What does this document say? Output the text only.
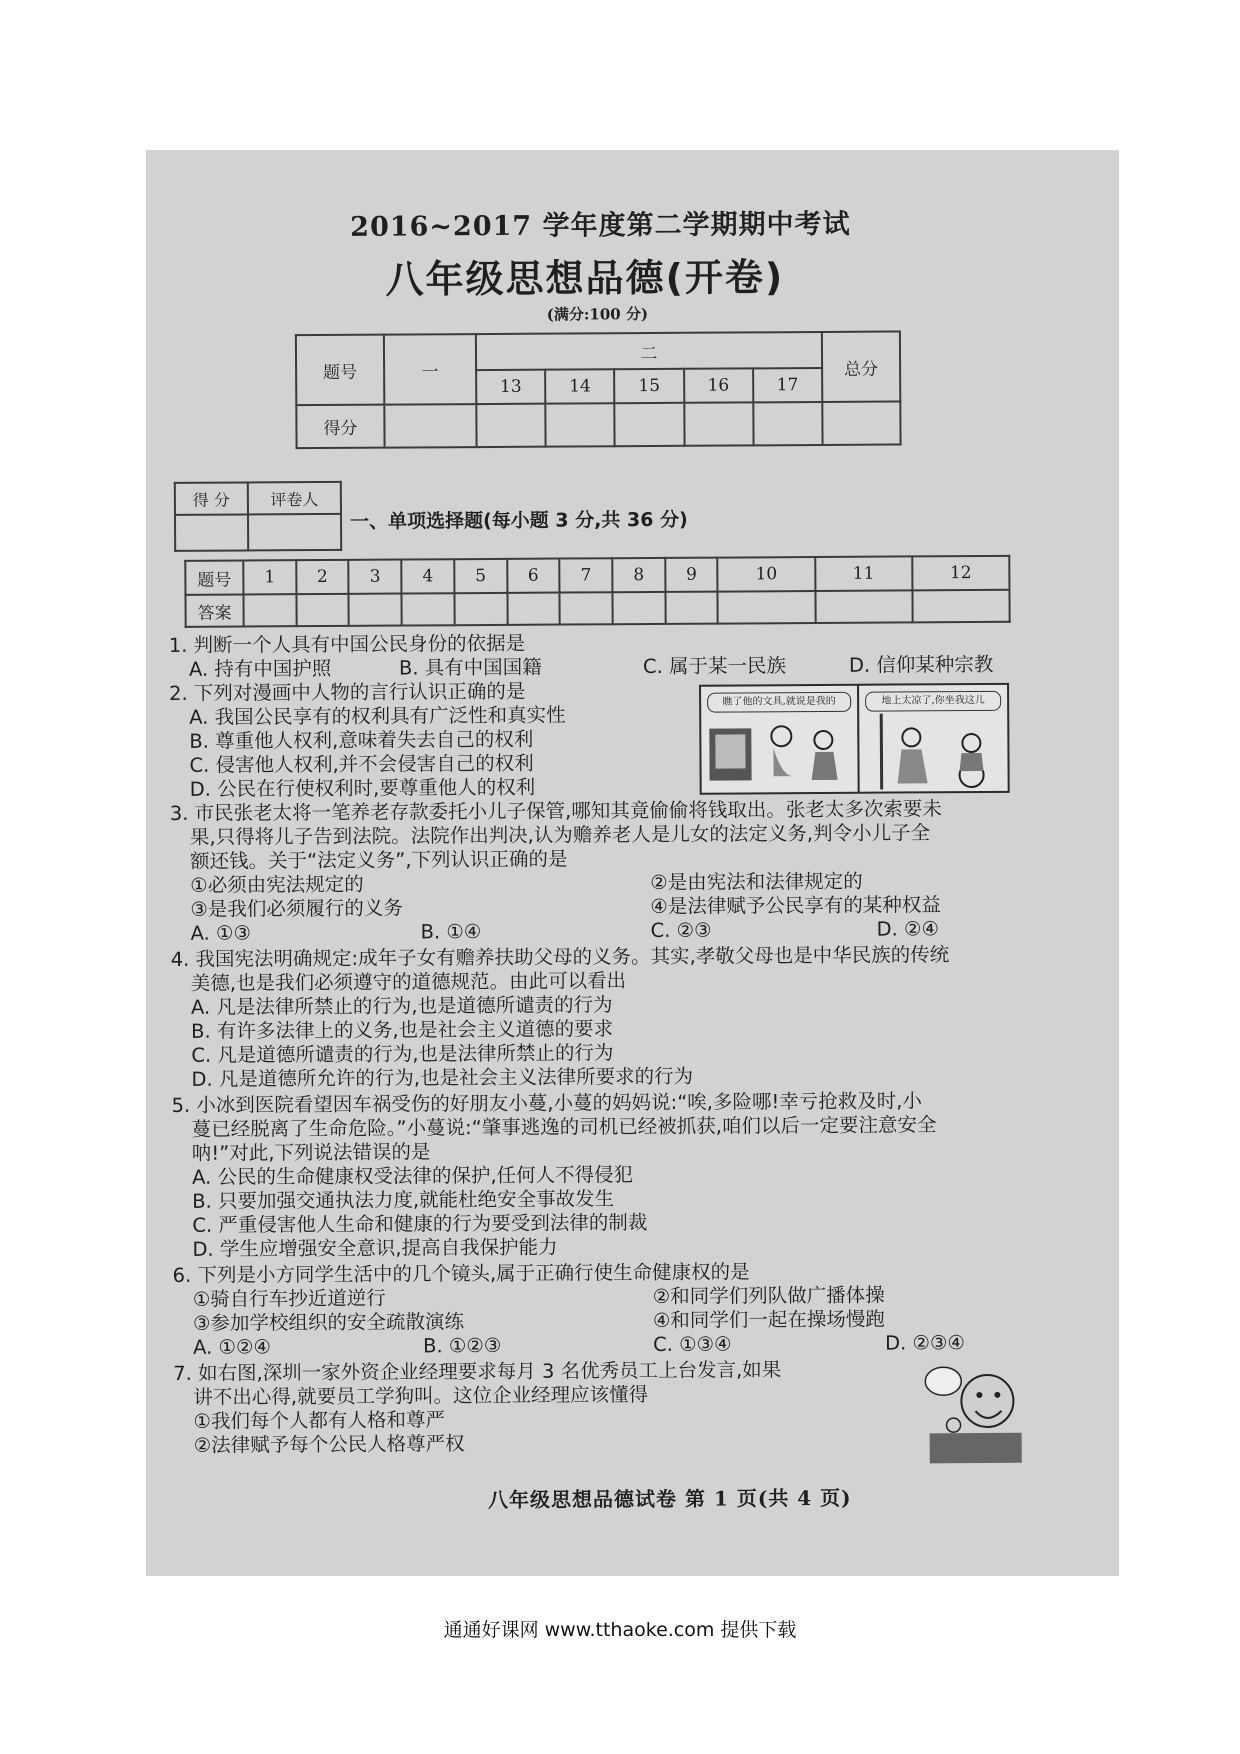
2016~2017 学年度第二学期期中考试
八年级思想品德(开卷)
(满分:100 分)
题号	一	二					总分
		13	14	15	16	17	
得分							
得 分	评卷人

一、单项选择题(每小题 3 分,共 36 分)
题号	1	2	3	4	5	6	7	8	9	10	11	12
答案												
1. 判断一个人具有中国公民身份的依据是
A. 持有中国护照	B. 具有中国国籍	C. 属于某一民族	D. 信仰某种宗教
2. 下列对漫画中人物的言行认识正确的是
A. 我国公民享有的权利具有广泛性和真实性
B. 尊重他人权利,意味着失去自己的权利
C. 侵害他人权利,并不会侵害自己的权利
D. 公民在行使权利时,要尊重他人的权利
瞧了他的文具,就说是我的	地上太凉了,你坐我这儿
3. 市民张老太将一笔养老存款委托小儿子保管,哪知其竟偷偷将钱取出。张老太多次索要未
果,只得将儿子告到法院。法院作出判决,认为赡养老人是儿女的法定义务,判令小儿子全
额还钱。关于“法定义务”,下列认识正确的是
①必须由宪法规定的	②是由宪法和法律规定的
③是我们必须履行的义务	④是法律赋予公民享有的某种权益
A. ①③	B. ①④	C. ②③	D. ②④
4. 我国宪法明确规定:成年子女有赡养扶助父母的义务。其实,孝敬父母也是中华民族的传统
美德,也是我们必须遵守的道德规范。由此可以看出
A. 凡是法律所禁止的行为,也是道德所谴责的行为
B. 有许多法律上的义务,也是社会主义道德的要求
C. 凡是道德所谴责的行为,也是法律所禁止的行为
D. 凡是道德所允许的行为,也是社会主义法律所要求的行为
5. 小冰到医院看望因车祸受伤的好朋友小蔓,小蔓的妈妈说:“唉,多险哪!幸亏抢救及时,小
蔓已经脱离了生命危险。”小蔓说:“肇事逃逸的司机已经被抓获,咱们以后一定要注意安全
呐!”对此,下列说法错误的是
A. 公民的生命健康权受法律的保护,任何人不得侵犯
B. 只要加强交通执法力度,就能杜绝安全事故发生
C. 严重侵害他人生命和健康的行为要受到法律的制裁
D. 学生应增强安全意识,提高自我保护能力
6. 下列是小方同学生活中的几个镜头,属于正确行使生命健康权的是
①骑自行车抄近道逆行	②和同学们列队做广播体操
③参加学校组织的安全疏散演练	④和同学们一起在操场慢跑
A. ①②④	B. ①②③	C. ①③④	D. ②③④
7. 如右图,深圳一家外资企业经理要求每月 3 名优秀员工上台发言,如果
讲不出心得,就要员工学狗叫。这位企业经理应该懂得
①我们每个人都有人格和尊严
②法律赋予每个公民人格尊严权
八年级思想品德试卷 第 1 页(共 4 页)
通通好课网 www.tthaoke.com 提供下载
